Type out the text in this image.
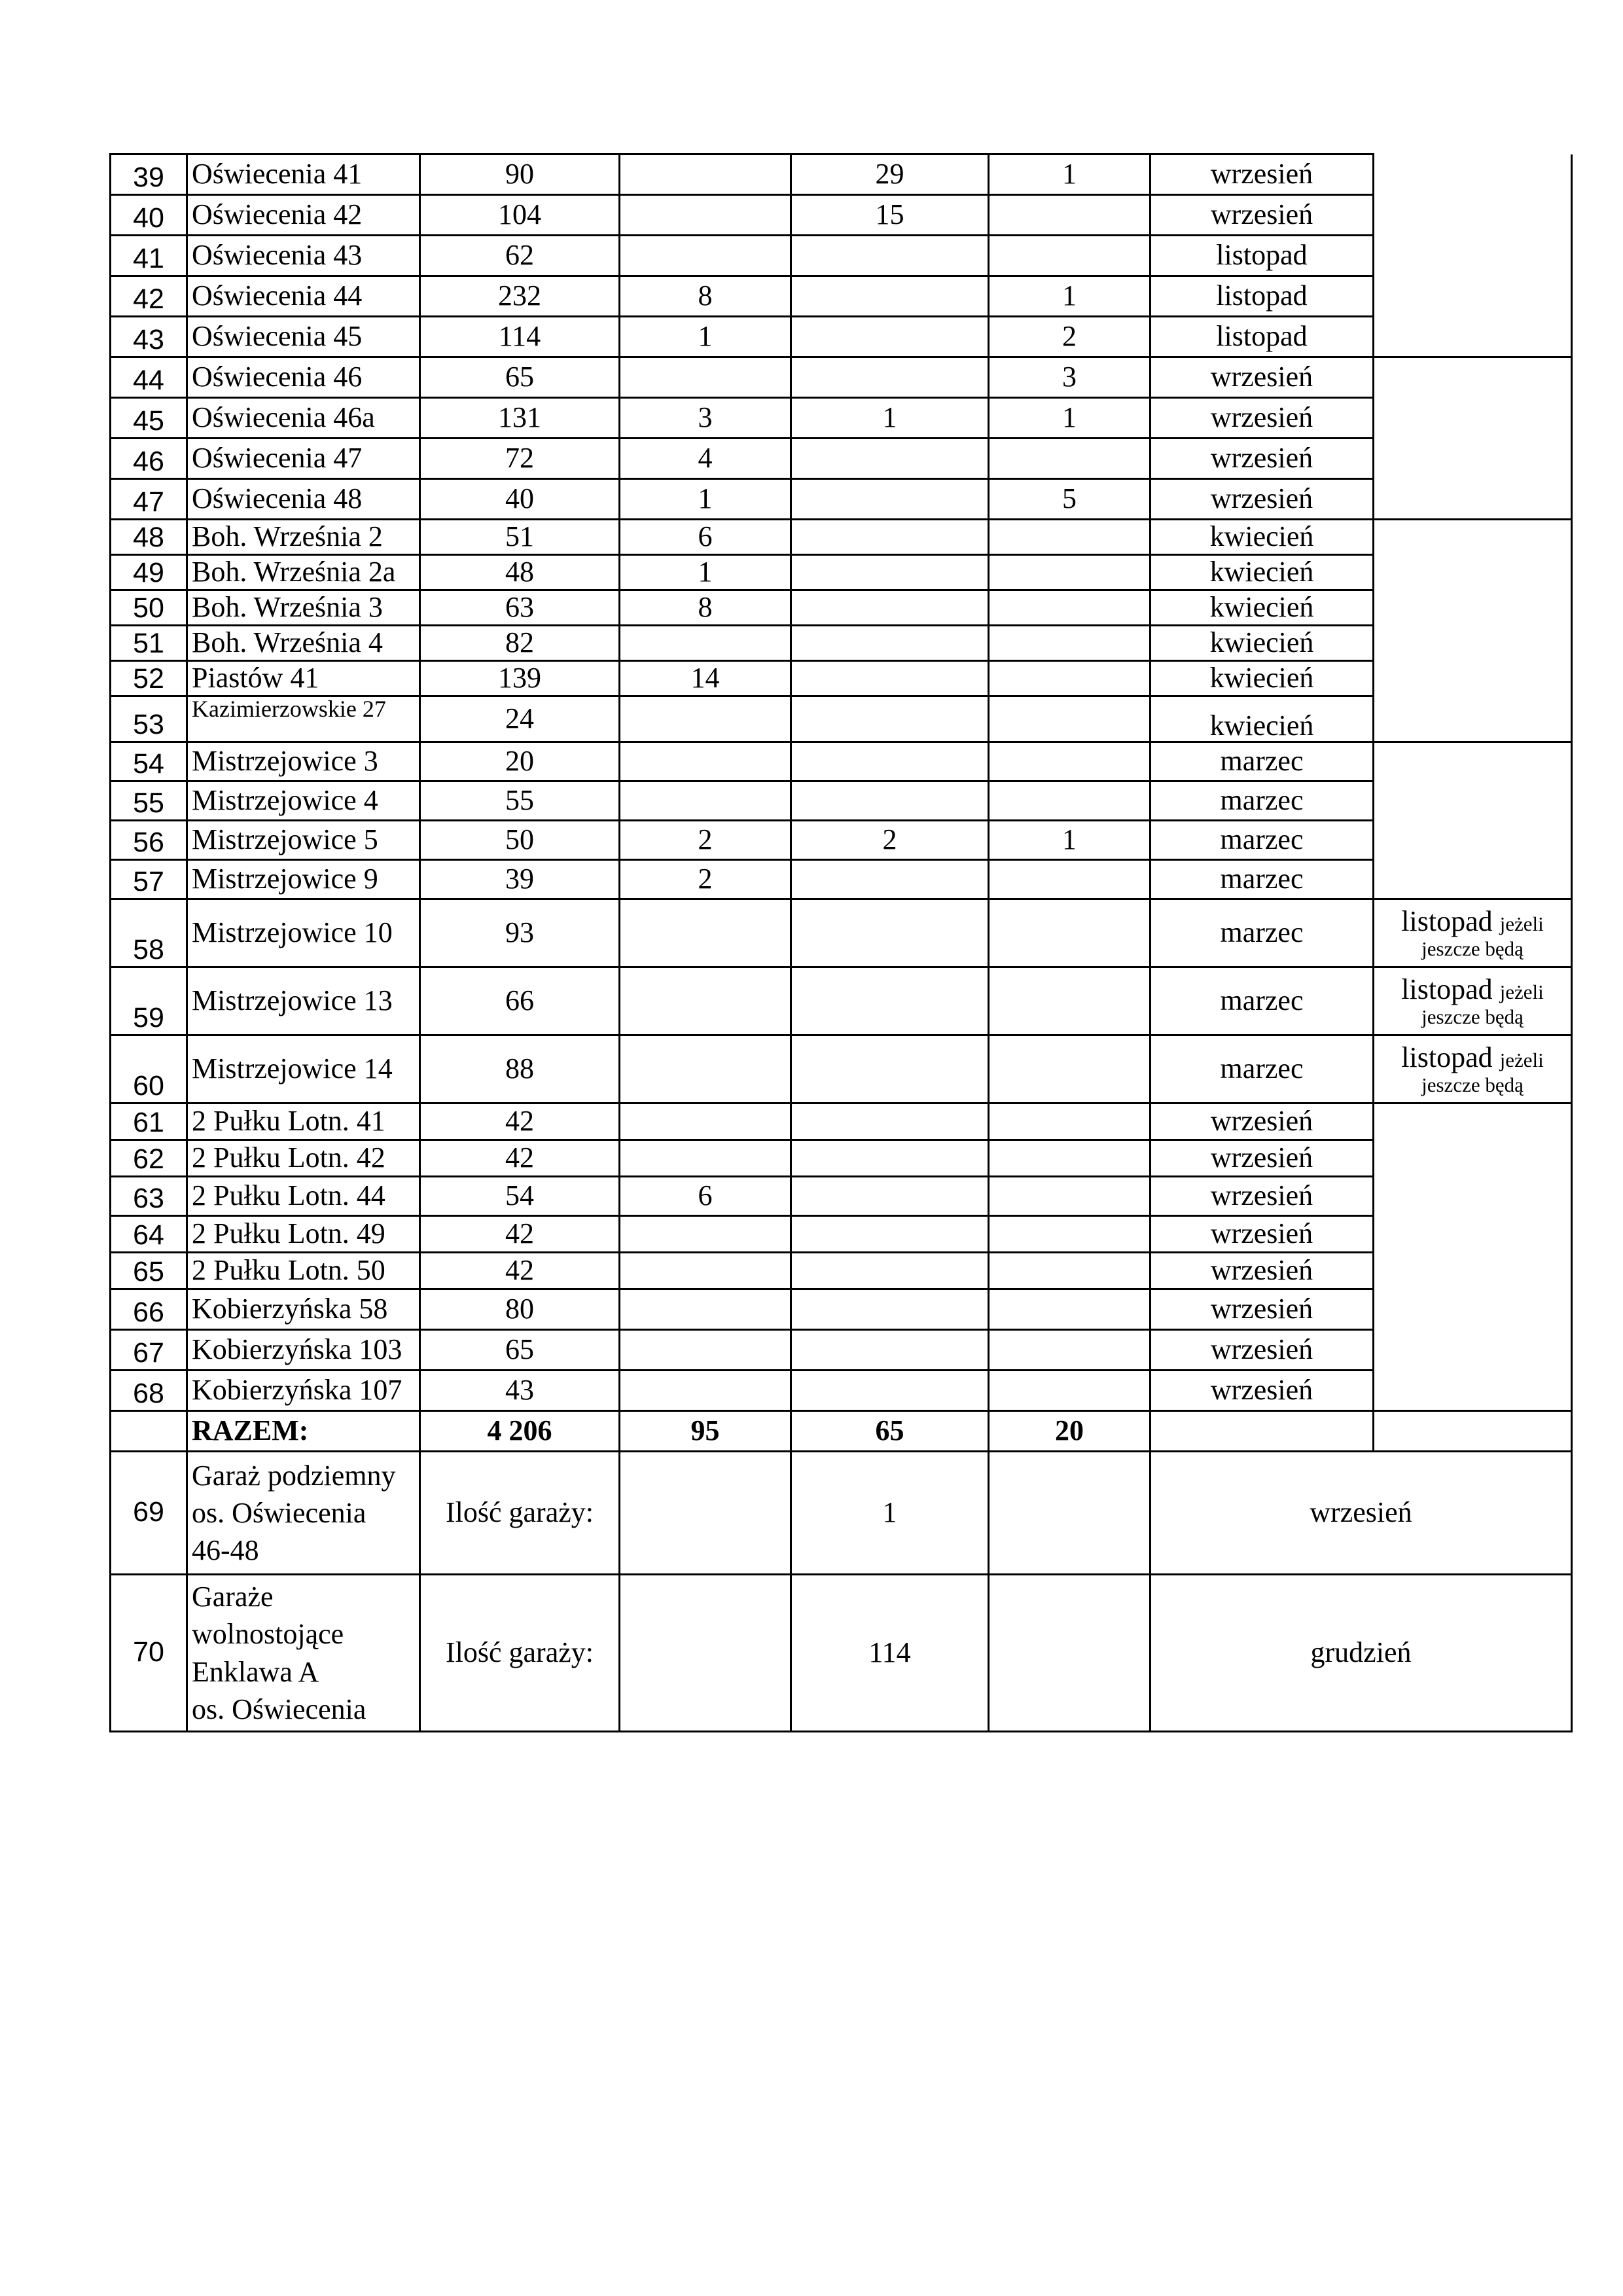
39	Oświecenia 41	90		29	1	wrzesień	
40	Oświecenia 42	104		15		wrzesień	
41	Oświecenia 43	62				listopad	
42	Oświecenia 44	232	8		1	listopad	
43	Oświecenia 45	114	1		2	listopad	
44	Oświecenia 46	65			3	wrzesień	
45	Oświecenia 46a	131	3	1	1	wrzesień	
46	Oświecenia 47	72	4			wrzesień	
47	Oświecenia 48	40	1		5	wrzesień	
48	Boh. Września 2	51	6			kwiecień	
49	Boh. Września 2a	48	1			kwiecień	
50	Boh. Września 3	63	8			kwiecień	
51	Boh. Września 4	82				kwiecień	
52	Piastów 41	139	14			kwiecień	
53	Kazimierzowskie 27	24				kwiecień	
54	Mistrzejowice 3	20				marzec	
55	Mistrzejowice 4	55				marzec	
56	Mistrzejowice 5	50	2	2	1	marzec	
57	Mistrzejowice 9	39	2			marzec	
58	Mistrzejowice 10	93				marzec	listopad jeżeli
jeszcze będą

59	Mistrzejowice 13	66				marzec	listopad jeżeli
jeszcze będą

60	Mistrzejowice 14	88				marzec	listopad jeżeli
jeszcze będą

61	2 Pułku Lotn. 41	42				wrzesień	
62	2 Pułku Lotn. 42	42				wrzesień	
63	2 Pułku Lotn. 44	54	6			wrzesień	
64	2 Pułku Lotn. 49	42				wrzesień	
65	2 Pułku Lotn. 50	42				wrzesień	
66	Kobierzyńska 58	80				wrzesień	
67	Kobierzyńska 103	65				wrzesień	
68	Kobierzyńska 107	43				wrzesień	
	RAZEM:	4 206	95	65	20		
69	Garaż podziemny
os. Oświecenia
46-48	Ilość garaży:		1		wrzesień	
70	Garaże
wolnostojące
Enklawa A
os. Oświecenia	Ilość garaży:		114		grudzień	
